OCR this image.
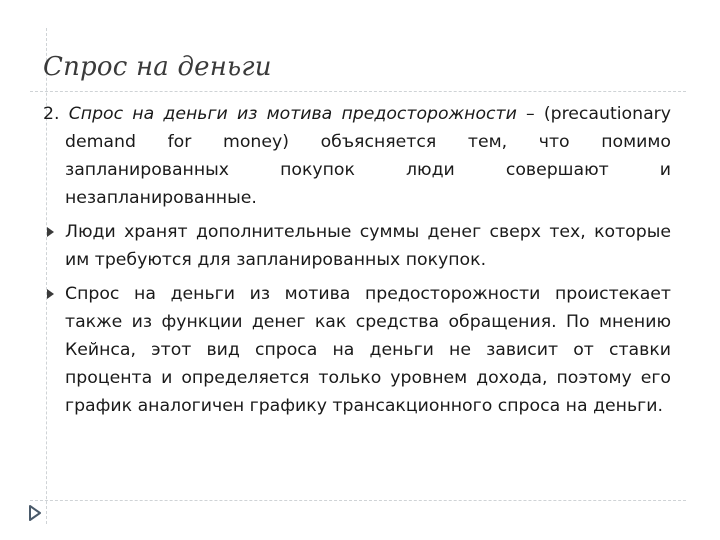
Спрос на деньги

2. Спрос на деньги из мотива предосторожности – (precautionary demand for money) объясняется тем, что помимо запланированных покупок люди совершают и незапланированные.

Люди хранят дополнительные суммы денег сверх тех, которые им требуются для запланированных покупок.

Спрос на деньги из мотива предосторожности проистекает также из функции денег как средства обращения. По мнению Кейнса, этот вид спроса на деньги не зависит от ставки процента и определяется только уровнем дохода, поэтому его график аналогичен графику трансакционного спроса на деньги.
